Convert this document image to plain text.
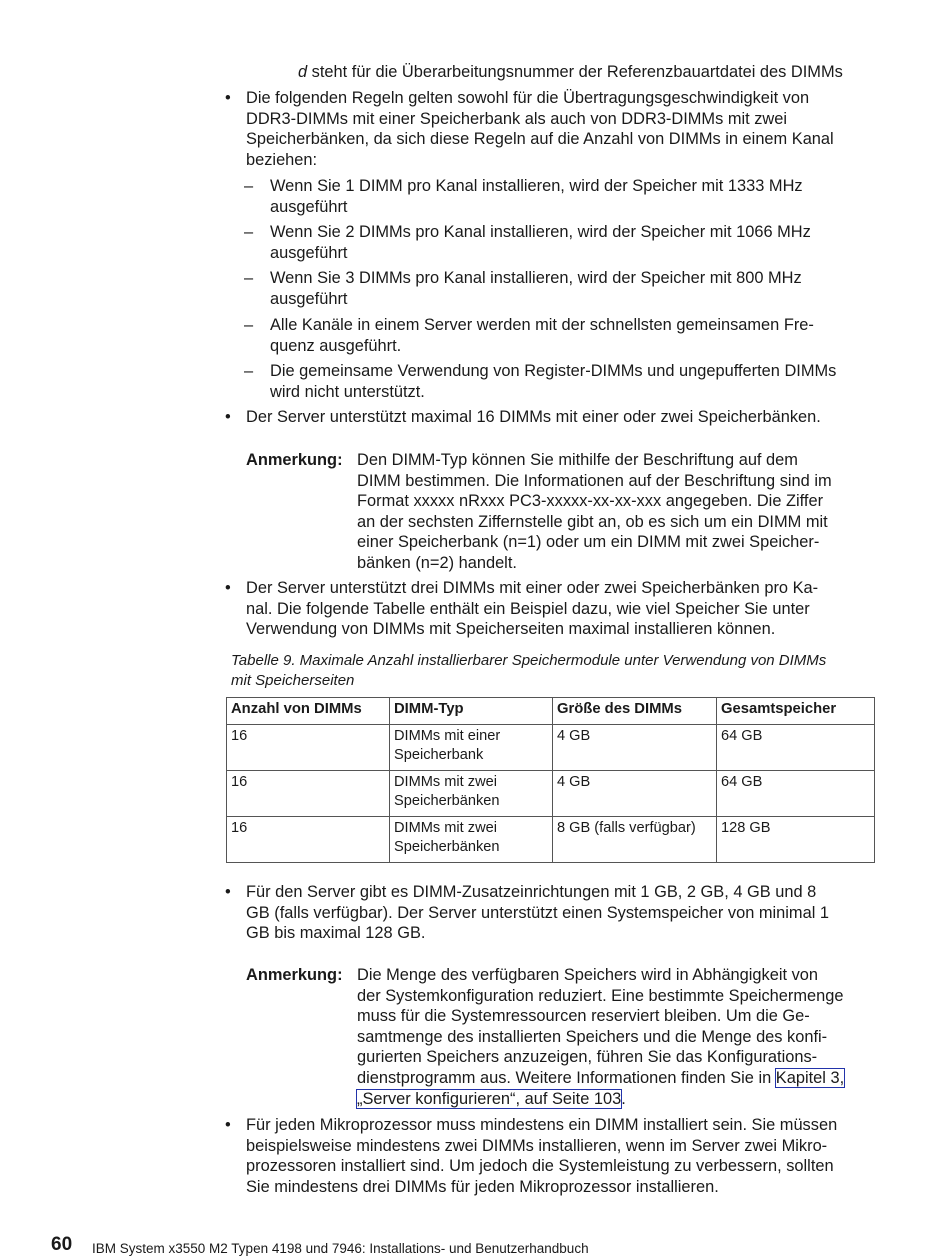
d steht für die Überarbeitungsnummer der Referenzbauartdatei des DIMMs
• Die folgenden Regeln gelten sowohl für die Übertragungsgeschwindigkeit von
DDR3-DIMMs mit einer Speicherbank als auch von DDR3-DIMMs mit zwei
Speicherbänken, da sich diese Regeln auf die Anzahl von DIMMs in einem Kanal
beziehen:
– Wenn Sie 1 DIMM pro Kanal installieren, wird der Speicher mit 1333 MHz
ausgeführt
– Wenn Sie 2 DIMMs pro Kanal installieren, wird der Speicher mit 1066 MHz
ausgeführt
– Wenn Sie 3 DIMMs pro Kanal installieren, wird der Speicher mit 800 MHz
ausgeführt
– Alle Kanäle in einem Server werden mit der schnellsten gemeinsamen Fre-
quenz ausgeführt.
– Die gemeinsame Verwendung von Register-DIMMs und ungepufferten DIMMs
wird nicht unterstützt.
• Der Server unterstützt maximal 16 DIMMs mit einer oder zwei Speicherbänken.
Anmerkung: Den DIMM-Typ können Sie mithilfe der Beschriftung auf dem
DIMM bestimmen. Die Informationen auf der Beschriftung sind im
Format xxxxx nRxxx PC3-xxxxx-xx-xx-xxx angegeben. Die Ziffer
an der sechsten Ziffernstelle gibt an, ob es sich um ein DIMM mit
einer Speicherbank (n=1) oder um ein DIMM mit zwei Speicher-
bänken (n=2) handelt.
• Der Server unterstützt drei DIMMs mit einer oder zwei Speicherbänken pro Ka-
nal. Die folgende Tabelle enthält ein Beispiel dazu, wie viel Speicher Sie unter
Verwendung von DIMMs mit Speicherseiten maximal installieren können.
Tabelle 9. Maximale Anzahl installierbarer Speichermodule unter Verwendung von DIMMs
mit Speicherseiten
Anzahl von DIMMs	DIMM-Typ	Größe des DIMMs	Gesamtspeicher
16	DIMMs mit einer
Speicherbank	4 GB	64 GB
16	DIMMs mit zwei
Speicherbänken	4 GB	64 GB
16	DIMMs mit zwei
Speicherbänken	8 GB (falls verfügbar)	128 GB
• Für den Server gibt es DIMM-Zusatzeinrichtungen mit 1 GB, 2 GB, 4 GB und 8
GB (falls verfügbar). Der Server unterstützt einen Systemspeicher von minimal 1
GB bis maximal 128 GB.
Anmerkung: Die Menge des verfügbaren Speichers wird in Abhängigkeit von
der Systemkonfiguration reduziert. Eine bestimmte Speichermenge
muss für die Systemressourcen reserviert bleiben. Um die Ge-
samtmenge des installierten Speichers und die Menge des konfi-
gurierten Speichers anzuzeigen, führen Sie das Konfigurations-
dienstprogramm aus. Weitere Informationen finden Sie in Kapitel 3,
„Server konfigurieren“, auf Seite 103.
• Für jeden Mikroprozessor muss mindestens ein DIMM installiert sein. Sie müssen
beispielsweise mindestens zwei DIMMs installieren, wenn im Server zwei Mikro-
prozessoren installiert sind. Um jedoch die Systemleistung zu verbessern, sollten
Sie mindestens drei DIMMs für jeden Mikroprozessor installieren.
60 IBM System x3550 M2 Typen 4198 und 7946: Installations- und Benutzerhandbuch
